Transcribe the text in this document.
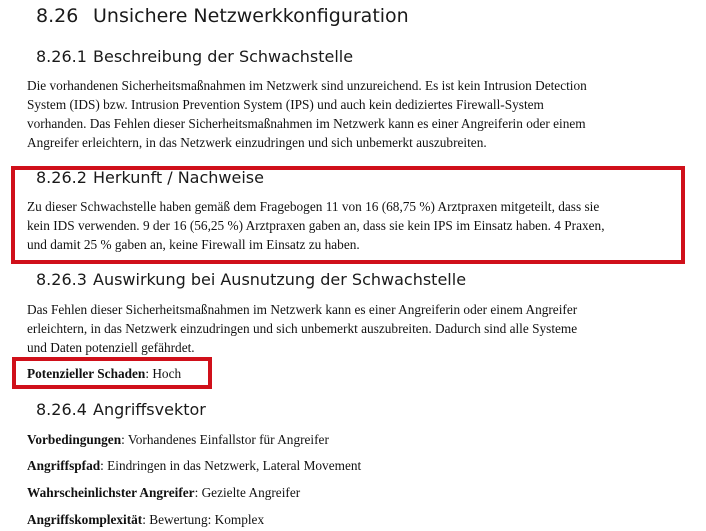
8.26 Unsichere Netzwerkkonfiguration
8.26.1 Beschreibung der Schwachstelle
Die vorhandenen Sicherheitsmaßnahmen im Netzwerk sind unzureichend. Es ist kein Intrusion Detection
System (IDS) bzw. Intrusion Prevention System (IPS) und auch kein dediziertes Firewall-System
vorhanden. Das Fehlen dieser Sicherheitsmaßnahmen im Netzwerk kann es einer Angreiferin oder einem
Angreifer erleichtern, in das Netzwerk einzudringen und sich unbemerkt auszubreiten.
8.26.2 Herkunft / Nachweise
Zu dieser Schwachstelle haben gemäß dem Fragebogen 11 von 16 (68,75 %) Arztpraxen mitgeteilt, dass sie
kein IDS verwenden. 9 der 16 (56,25 %) Arztpraxen gaben an, dass sie kein IPS im Einsatz haben. 4 Praxen,
und damit 25 % gaben an, keine Firewall im Einsatz zu haben.
8.26.3 Auswirkung bei Ausnutzung der Schwachstelle
Das Fehlen dieser Sicherheitsmaßnahmen im Netzwerk kann es einer Angreiferin oder einem Angreifer
erleichtern, in das Netzwerk einzudringen und sich unbemerkt auszubreiten. Dadurch sind alle Systeme
und Daten potenziell gefährdet.
Potenzieller Schaden: Hoch
8.26.4 Angriffsvektor
Vorbedingungen: Vorhandenes Einfallstor für Angreifer
Angriffspfad: Eindringen in das Netzwerk, Lateral Movement
Wahrscheinlichster Angreifer: Gezielte Angreifer
Angriffskomplexität: Bewertung: Komplex
